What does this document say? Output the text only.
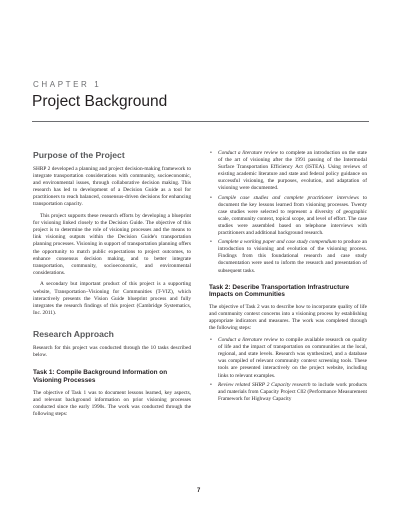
CHAPTER 1
Project Background
Purpose of the Project

SHRP 2 developed a planning and project decision-making framework to integrate transportation considerations with community, socioeconomic, and environmental issues, through collaborative decision making. This research has led to development of a Decision Guide as a tool for practitioners to reach balanced, consensus-driven decisions for enhancing transportation capacity.

This project supports these research efforts by developing a blueprint for visioning linked closely to the Decision Guide. The objective of this project is to determine the role of visioning processes and the means to link visioning outputs within the Decision Guide's transportation planning processes. Visioning in support of transportation planning offers the opportunity to match public expectations to project outcomes, to enhance consensus decision making, and to better integrate transportation, community, socioeconomic, and environmental considerations.

A secondary but important product of this project is a supporting website, Transportation–Visioning for Communities (T-VIZ), which interactively presents the Vision Guide blueprint process and fully integrates the research findings of this project (Cambridge Systematics, Inc. 2011).

Research Approach

Research for this project was conducted through the 10 tasks described below.

Task 1: Compile Background Information on Visioning Processes

The objective of Task 1 was to document lessons learned, key aspects, and relevant background information on prior visioning processes conducted since the early 1990s. The work was conducted through the following steps:

• Conduct a literature review to complete an introduction on the state of the art of visioning after the 1991 passing of the Intermodal Surface Transportation Efficiency Act (ISTEA). Using reviews of existing academic literature and state and federal policy guidance on successful visioning, the purposes, evolution, and adaptation of visioning were documented.
• Compile case studies and complete practitioner interviews to document the key lessons learned from visioning processes. Twenty case studies were selected to represent a diversity of geographic scale, community context, topical scope, and level of effort. The case studies were assembled based on telephone interviews with practitioners and additional background research.
• Complete a working paper and case study compendium to produce an introduction to visioning and evolution of the visioning process. Findings from this foundational research and case study documentation were used to inform the research and presentation of subsequent tasks.
Task 2: Describe Transportation Infrastructure Impacts on Communities

The objective of Task 2 was to describe how to incorporate quality of life and community context concerns into a visioning process by establishing appropriate indicators and measures. The work was completed through the following steps:

• Conduct a literature review to compile available research on quality of life and the impact of transportation on communities at the local, regional, and state levels. Research was synthesized, and a database was compiled of relevant community context screening tools. These tools are presented interactively on the project website, including links to relevant examples.
• Review related SHRP 2 Capacity research to include work products and materials from Capacity Project C02 (Performance Measurement Framework for Highway Capacity
7
